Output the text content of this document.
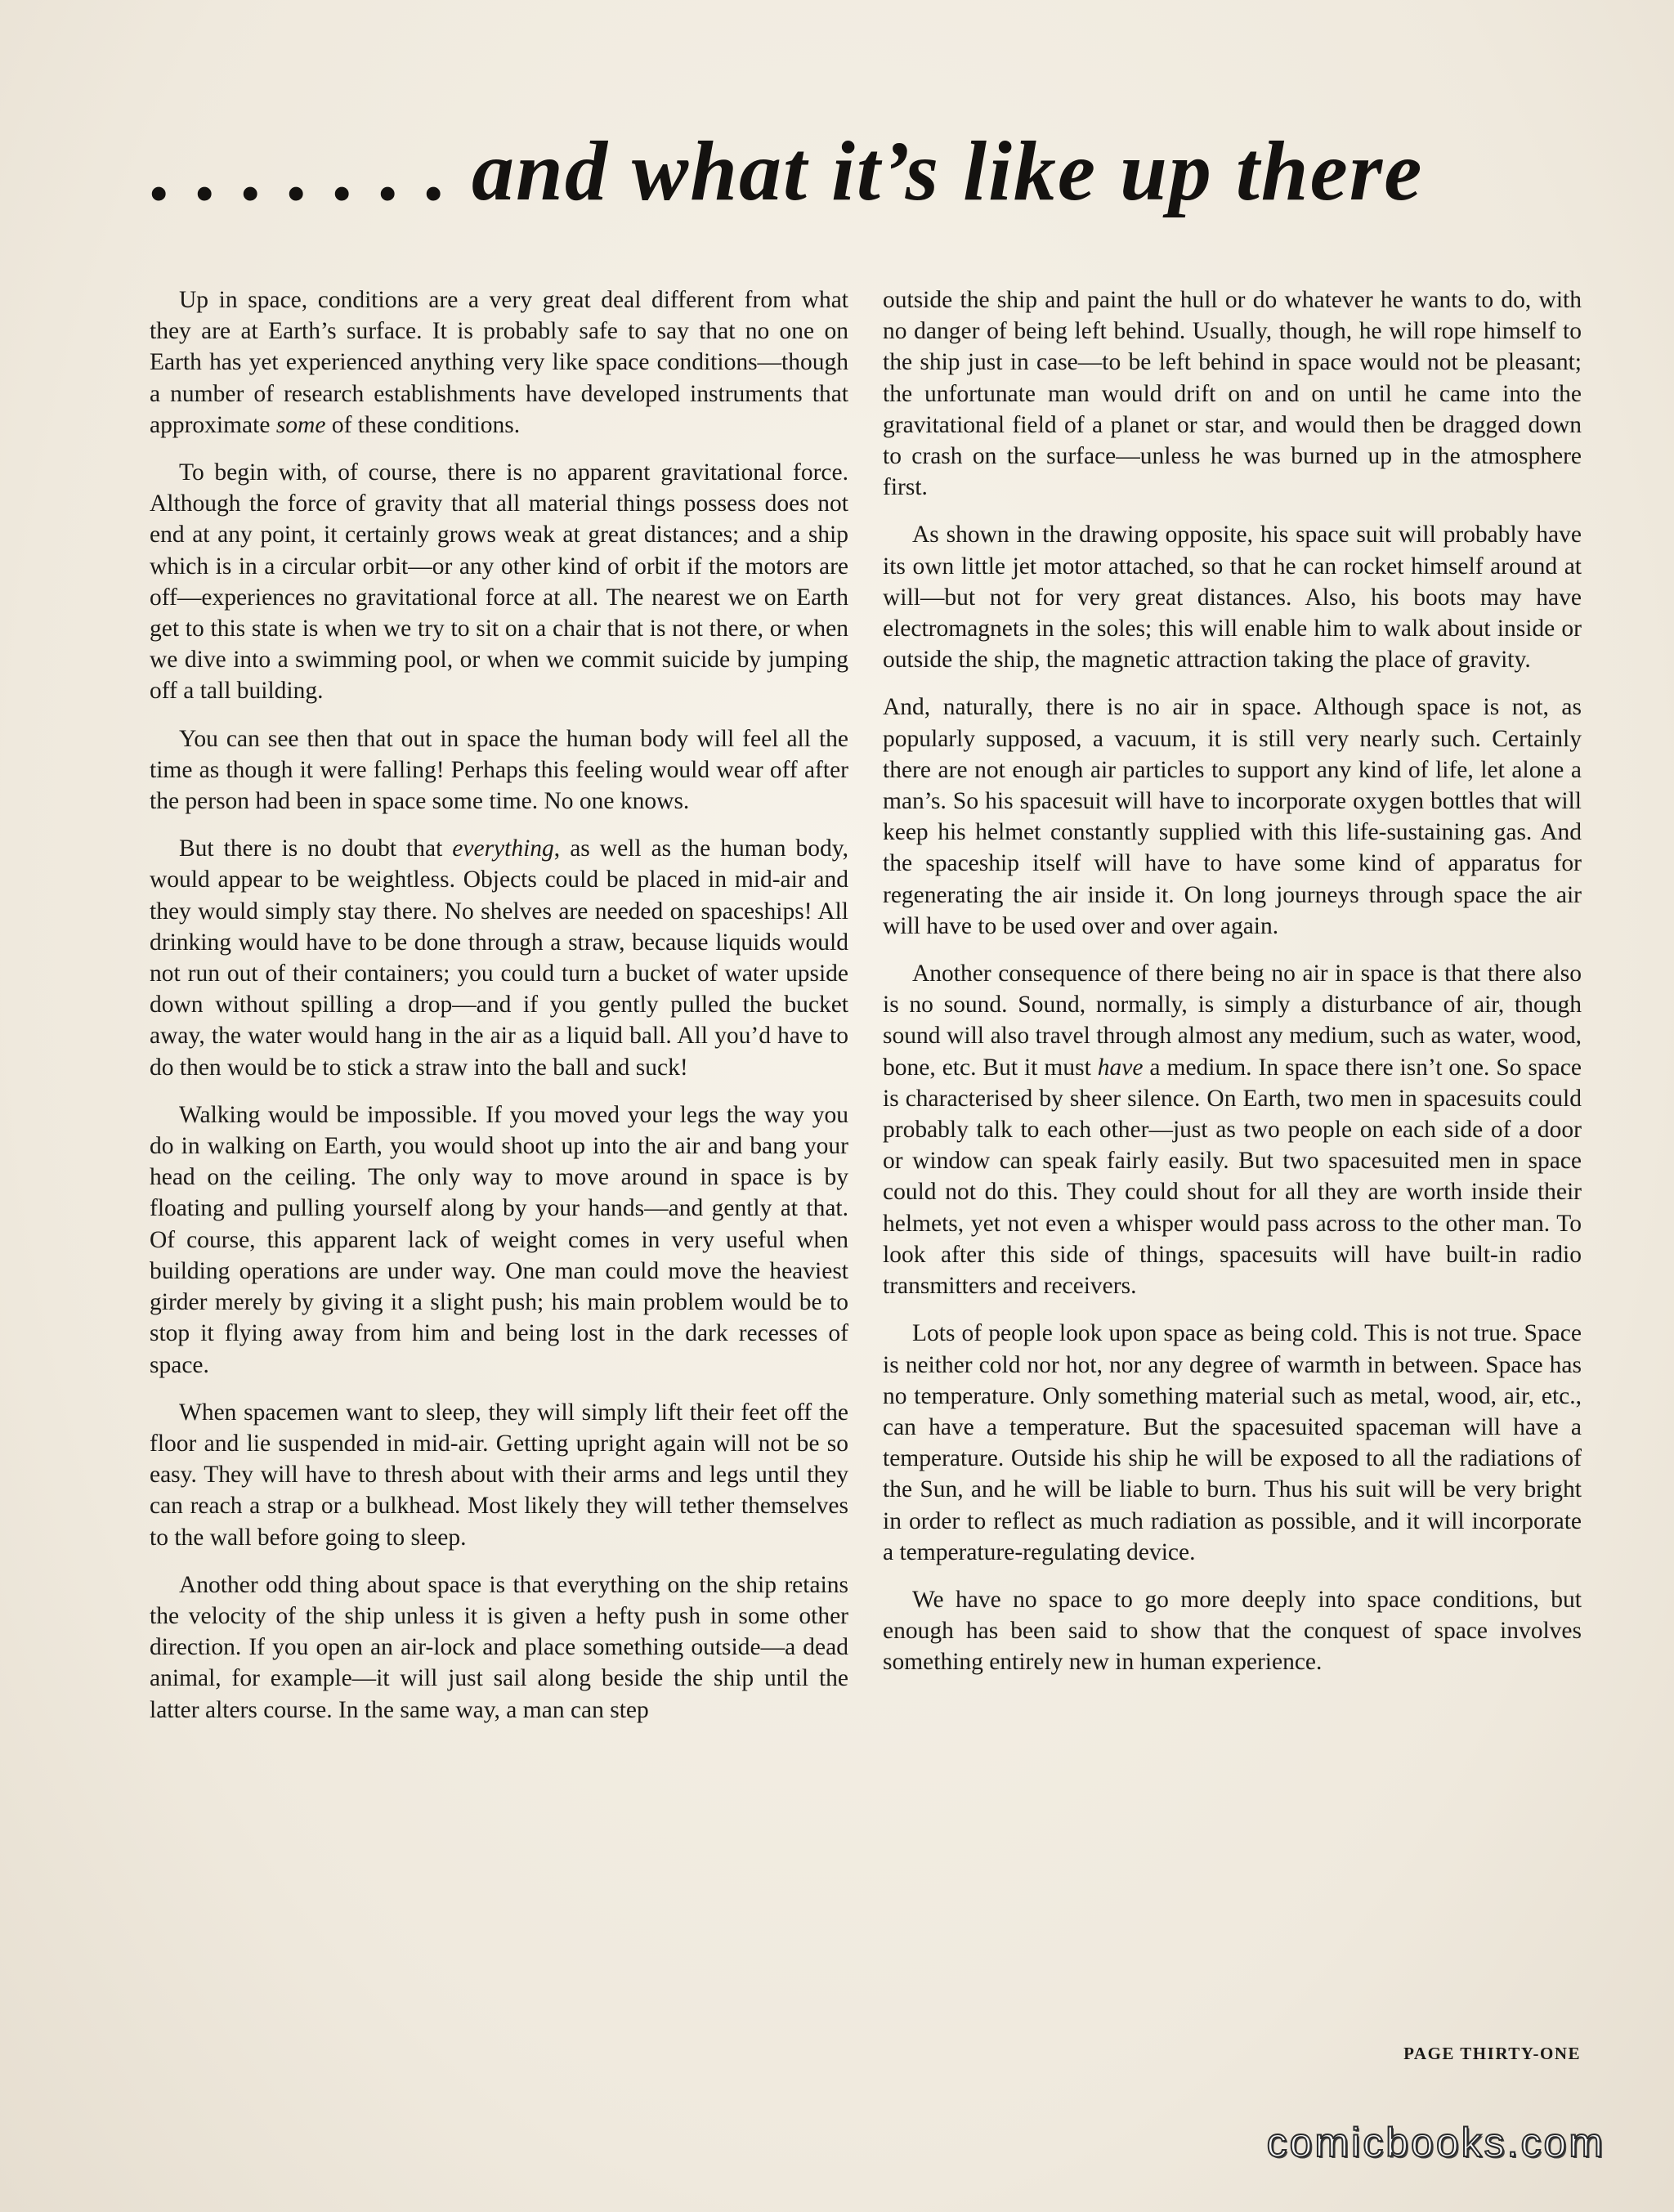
. . . . . . . and what it’s like up there

Up in space, conditions are a very great deal different from what they are at Earth’s surface. It is probably safe to say that no one on Earth has yet experienced anything very like space conditions—though a number of research establishments have developed instruments that approximate some of these conditions.

To begin with, of course, there is no apparent gravitational force. Although the force of gravity that all material things possess does not end at any point, it certainly grows weak at great distances; and a ship which is in a circular orbit—or any other kind of orbit if the motors are off—experiences no gravitational force at all. The nearest we on Earth get to this state is when we try to sit on a chair that is not there, or when we dive into a swimming pool, or when we commit suicide by jumping off a tall building.

You can see then that out in space the human body will feel all the time as though it were falling! Perhaps this feeling would wear off after the person had been in space some time. No one knows.

But there is no doubt that everything, as well as the human body, would appear to be weightless. Objects could be placed in mid-air and they would simply stay there. No shelves are needed on spaceships! All drinking would have to be done through a straw, because liquids would not run out of their containers; you could turn a bucket of water upside down without spilling a drop—and if you gently pulled the bucket away, the water would hang in the air as a liquid ball. All you’d have to do then would be to stick a straw into the ball and suck!

Walking would be impossible. If you moved your legs the way you do in walking on Earth, you would shoot up into the air and bang your head on the ceiling. The only way to move around in space is by floating and pulling yourself along by your hands—and gently at that. Of course, this apparent lack of weight comes in very useful when building operations are under way. One man could move the heaviest girder merely by giving it a slight push; his main problem would be to stop it flying away from him and being lost in the dark recesses of space.

When spacemen want to sleep, they will simply lift their feet off the floor and lie suspended in mid-air. Getting upright again will not be so easy. They will have to thresh about with their arms and legs until they can reach a strap or a bulkhead. Most likely they will tether themselves to the wall before going to sleep.

Another odd thing about space is that everything on the ship retains the velocity of the ship unless it is given a hefty push in some other direction. If you open an air-lock and place something outside—a dead animal, for example—it will just sail along beside the ship until the latter alters course. In the same way, a man can step

outside the ship and paint the hull or do whatever he wants to do, with no danger of being left behind. Usually, though, he will rope himself to the ship just in case—to be left behind in space would not be pleasant; the unfortunate man would drift on and on until he came into the gravitational field of a planet or star, and would then be dragged down to crash on the surface—unless he was burned up in the atmosphere first.

As shown in the drawing opposite, his space suit will probably have its own little jet motor attached, so that he can rocket himself around at will—but not for very great distances. Also, his boots may have electromagnets in the soles; this will enable him to walk about inside or outside the ship, the magnetic attraction taking the place of gravity.

And, naturally, there is no air in space. Although space is not, as popularly supposed, a vacuum, it is still very nearly such. Certainly there are not enough air particles to support any kind of life, let alone a man’s. So his spacesuit will have to incorporate oxygen bottles that will keep his helmet constantly supplied with this life-sustaining gas. And the spaceship itself will have to have some kind of apparatus for regenerating the air inside it. On long journeys through space the air will have to be used over and over again.

Another consequence of there being no air in space is that there also is no sound. Sound, normally, is simply a disturbance of air, though sound will also travel through almost any medium, such as water, wood, bone, etc. But it must have a medium. In space there isn’t one. So space is characterised by sheer silence. On Earth, two men in spacesuits could probably talk to each other—just as two people on each side of a door or window can speak fairly easily. But two spacesuited men in space could not do this. They could shout for all they are worth inside their helmets, yet not even a whisper would pass across to the other man. To look after this side of things, spacesuits will have built-in radio transmitters and receivers.

Lots of people look upon space as being cold. This is not true. Space is neither cold nor hot, nor any degree of warmth in between. Space has no temperature. Only something material such as metal, wood, air, etc., can have a temperature. But the spacesuited spaceman will have a temperature. Outside his ship he will be exposed to all the radiations of the Sun, and he will be liable to burn. Thus his suit will be very bright in order to reflect as much radiation as possible, and it will incorporate a temperature-regulating device.

We have no space to go more deeply into space conditions, but enough has been said to show that the conquest of space involves something entirely new in human experience.

PAGE THIRTY-ONE
comicbooks.com
